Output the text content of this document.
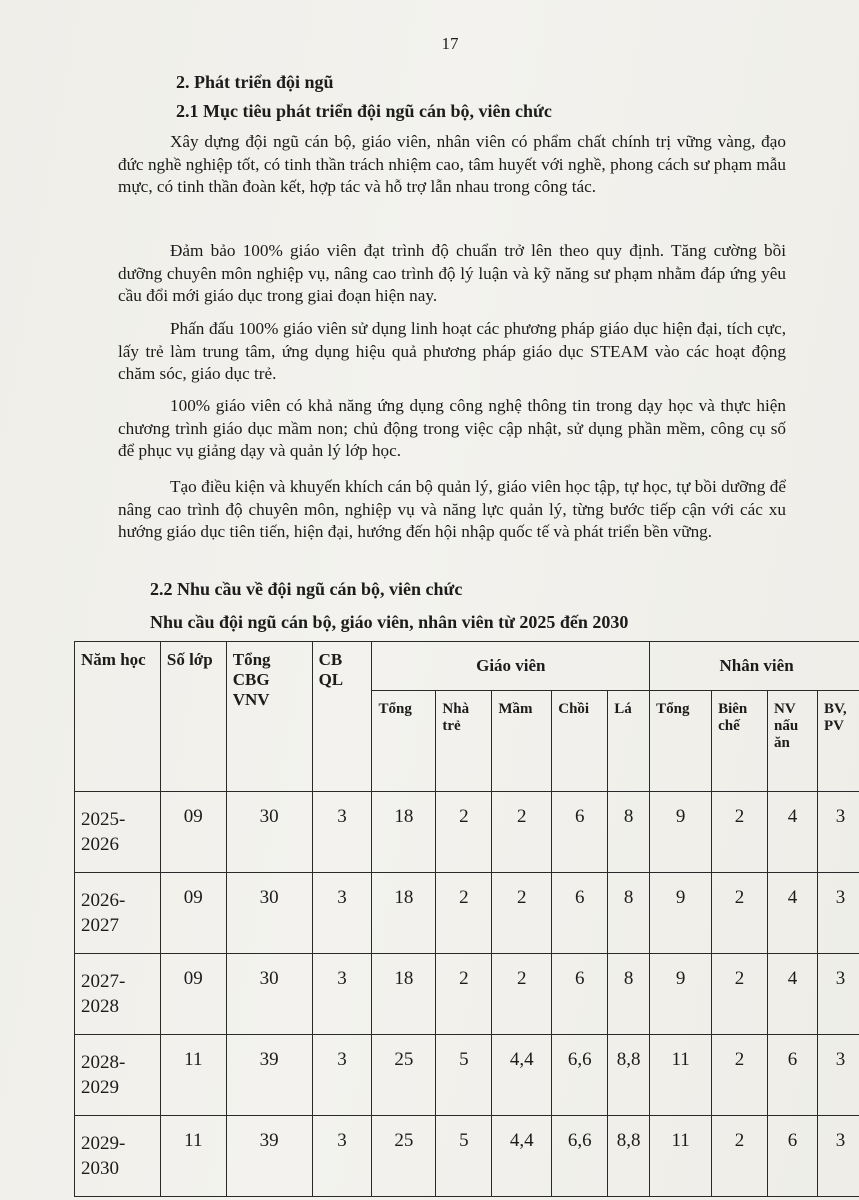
17
2. Phát triển đội ngũ
2.1 Mục tiêu phát triển đội ngũ cán bộ, viên chức

Xây dựng đội ngũ cán bộ, giáo viên, nhân viên có phẩm chất chính trị vững vàng, đạo đức nghề nghiệp tốt, có tinh thần trách nhiệm cao, tâm huyết với nghề, phong cách sư phạm mẫu mực, có tinh thần đoàn kết, hợp tác và hỗ trợ lẫn nhau trong công tác.

Đảm bảo 100% giáo viên đạt trình độ chuẩn trở lên theo quy định. Tăng cường bồi dưỡng chuyên môn nghiệp vụ, nâng cao trình độ lý luận và kỹ năng sư phạm nhằm đáp ứng yêu cầu đổi mới giáo dục trong giai đoạn hiện nay.

Phấn đấu 100% giáo viên sử dụng linh hoạt các phương pháp giáo dục hiện đại, tích cực, lấy trẻ làm trung tâm, ứng dụng hiệu quả phương pháp giáo dục STEAM vào các hoạt động chăm sóc, giáo dục trẻ.

100% giáo viên có khả năng ứng dụng công nghệ thông tin trong dạy học và thực hiện chương trình giáo dục mầm non; chủ động trong việc cập nhật, sử dụng phần mềm, công cụ số để phục vụ giảng dạy và quản lý lớp học.

Tạo điều kiện và khuyến khích cán bộ quản lý, giáo viên học tập, tự học, tự bồi dưỡng để nâng cao trình độ chuyên môn, nghiệp vụ và năng lực quản lý, từng bước tiếp cận với các xu hướng giáo dục tiên tiến, hiện đại, hướng đến hội nhập quốc tế và phát triển bền vững.

2.2 Nhu cầu về đội ngũ cán bộ, viên chức
Nhu cầu đội ngũ cán bộ, giáo viên, nhân viên từ 2025 đến 2030
Năm học	Số lớp	Tổng CBG VNV	CB QL	Giáo viên					Nhân viên			
				Tổng	Nhà trẻ	Mầm	Chồi	Lá	Tổng	Biên chế	NV nấu ăn	BV, PV
2025-
2026	09	30	3	18	2	2	6	8	9	2	4	3
2026-
2027	09	30	3	18	2	2	6	8	9	2	4	3
2027-
2028	09	30	3	18	2	2	6	8	9	2	4	3
2028-
2029	11	39	3	25	5	4,4	6,6	8,8	11	2	6	3
2029-
2030	11	39	3	25	5	4,4	6,6	8,8	11	2	6	3
